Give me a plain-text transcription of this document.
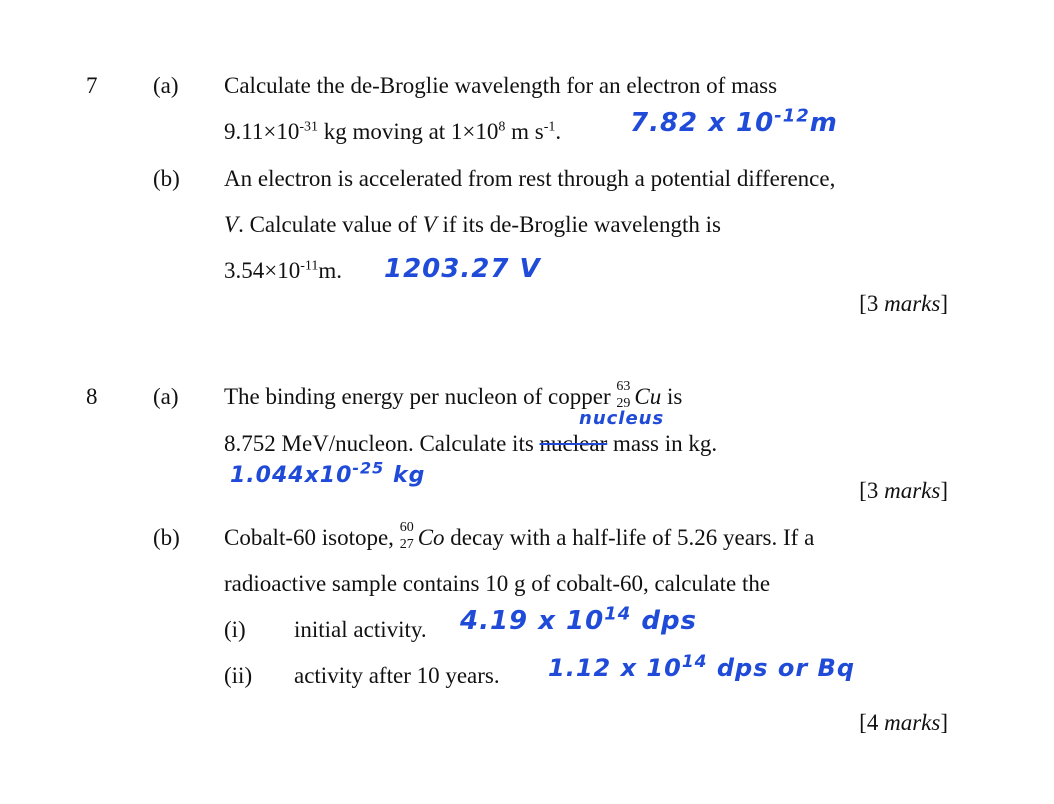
7 (a) Calculate the de-Broglie wavelength for an electron of mass
$9.11\times 10^{-31}$ kg moving at $1\times 10^8$ m $s^{-1}$.	7.82 x $10^{-12}m$
(b) An electron is accelerated from rest through a potential difference,
V. Calculate value of V if its de-Broglie wavelength is
$3.54\times 10^{-11}m$. 1203.27 V
[3 marks]
8 (a) The binding energy per nucleon of copper 63
29 Cu is
nucleus
8.752 MeV/nucleon. Calculate its nuclear mass in kg.
$1.044x10^{-25}$ kg
[3 marks]
(b) Cobalt-60 isotope, 60
27 Co decay with a half-life of 5.26 years. If a
radioactive sample contains 10 g of cobalt-60, calculate the
(i) initial activity. 4.19 x $10^{14}$ dps
(ii) activity after 10 years. 1.12 x $10^{14}$ dps or Bq
[4 marks]
